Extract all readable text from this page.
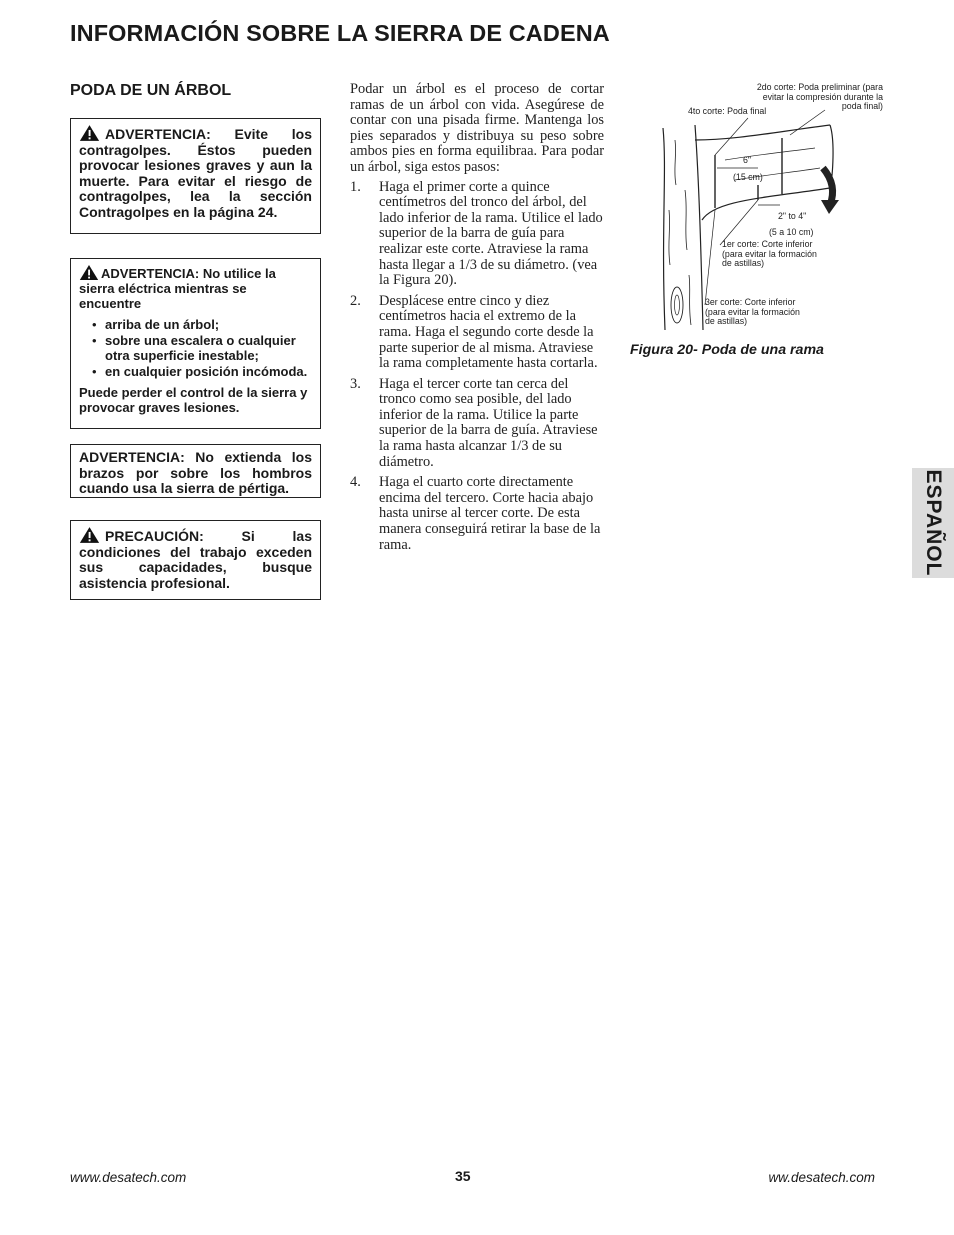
INFORMACIÓN SOBRE LA SIERRA DE CADENA
PODA DE UN ÁRBOL
ADVERTENCIA: Evite los contragolpes. Éstos pueden provocar lesiones graves y aun la muerte. Para evitar el riesgo de contragolpes, lea la sección Contragolpes en la página 24.

ADVERTENCIA: No utilice la sierra eléctrica mientras se encuentre

• arriba de un árbol;
• sobre una escalera o cualquier otra superficie inestable;
• en cualquier posición incómoda.

Puede perder el control de la sierra y provocar graves lesiones.

ADVERTENCIA: No extienda los brazos por sobre los hombros cuando usa la sierra de pértiga.
PRECAUCIÓN: Si las condiciones del trabajo exceden sus capacidades, busque asistencia profesional.

Podar un árbol es el proceso de cortar ramas de un árbol con vida. Asegúrese de contar con una pisada firme. Mantenga los pies separados y distribuya su peso sobre ambos pies en forma equilibraa. Para podar un árbol, siga estos pasos:

1. Haga el primer corte a quince centímetros del tronco del árbol, del lado inferior de la rama. Utilice el lado superior de la barra de guía para realizar este corte. Atraviese la rama hasta llegar a 1/3 de su diámetro. (vea la Figura 20).
2. Desplácese entre cinco y diez centímetros hacia el extremo de la rama. Haga el segundo corte desde la parte superior de al misma. Atraviese la rama completamente hasta cortarla.
3. Haga el tercer corte tan cerca del tronco como sea posible, del lado inferior de la rama. Utilice la parte superior de la barra de guía. Atraviese la rama hasta alcanzar 1/3 de su diámetro.
4. Haga el cuarto corte directamente encima del tercero. Corte hacia abajo hasta unirse al tercer corte. De esta manera conseguirá retirar la base de la rama.
2do corte: Poda preliminar (para
evitar la compresión durante la
poda final)
4to corte: Poda final
6"
(15 cm)
2" to 4"
(5 a 10 cm)
1er corte: Corte inferior
(para evitar la formación
de astillas)
3er corte: Corte inferior
(para evitar la formación
de astillas)

Figura 20- Poda de una rama

ESPAÑOL
www.desatech.com	35	ww.desatech.com
